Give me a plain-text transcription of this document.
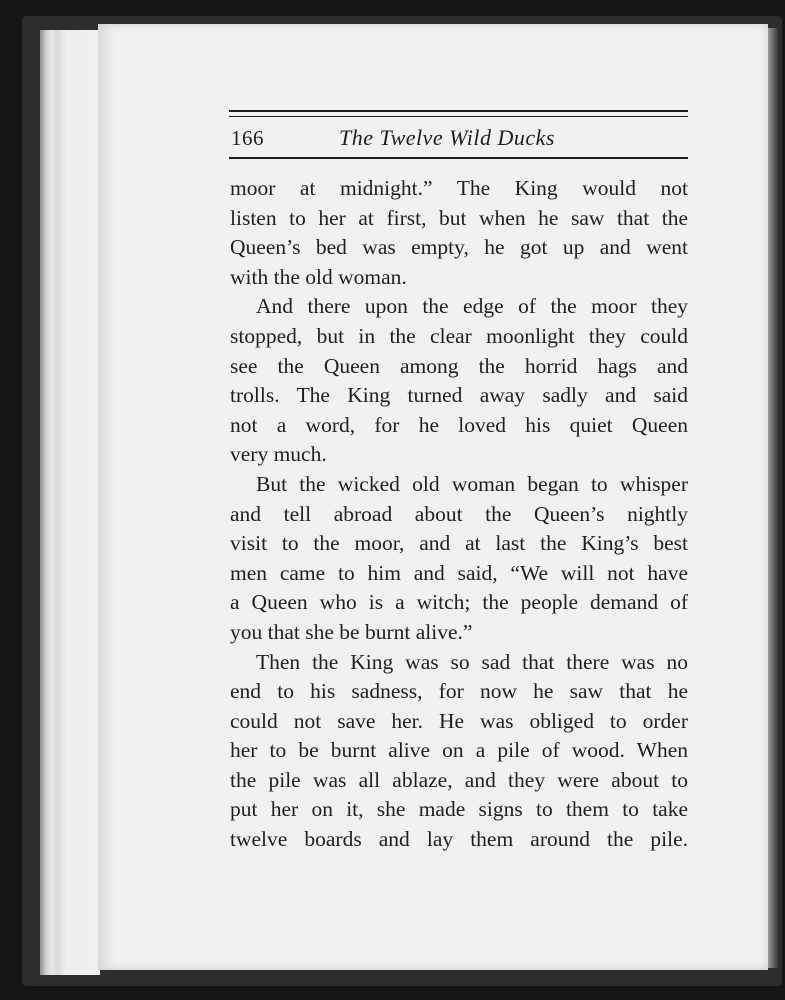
166	The Twelve Wild Ducks
moor at midnight.” The King would not
listen to her at first, but when he saw that the
Queen’s bed was empty, he got up and went
with the old woman.
And there upon the edge of the moor they
stopped, but in the clear moonlight they could
see the Queen among the horrid hags and
trolls. The King turned away sadly and said
not a word, for he loved his quiet Queen
very much.
But the wicked old woman began to whisper
and tell abroad about the Queen’s nightly
visit to the moor, and at last the King’s best
men came to him and said, “We will not have
a Queen who is a witch; the people demand of
you that she be burnt alive.”
Then the King was so sad that there was no
end to his sadness, for now he saw that he
could not save her. He was obliged to order
her to be burnt alive on a pile of wood. When
the pile was all ablaze, and they were about to
put her on it, she made signs to them to take
twelve boards and lay them around the pile.
